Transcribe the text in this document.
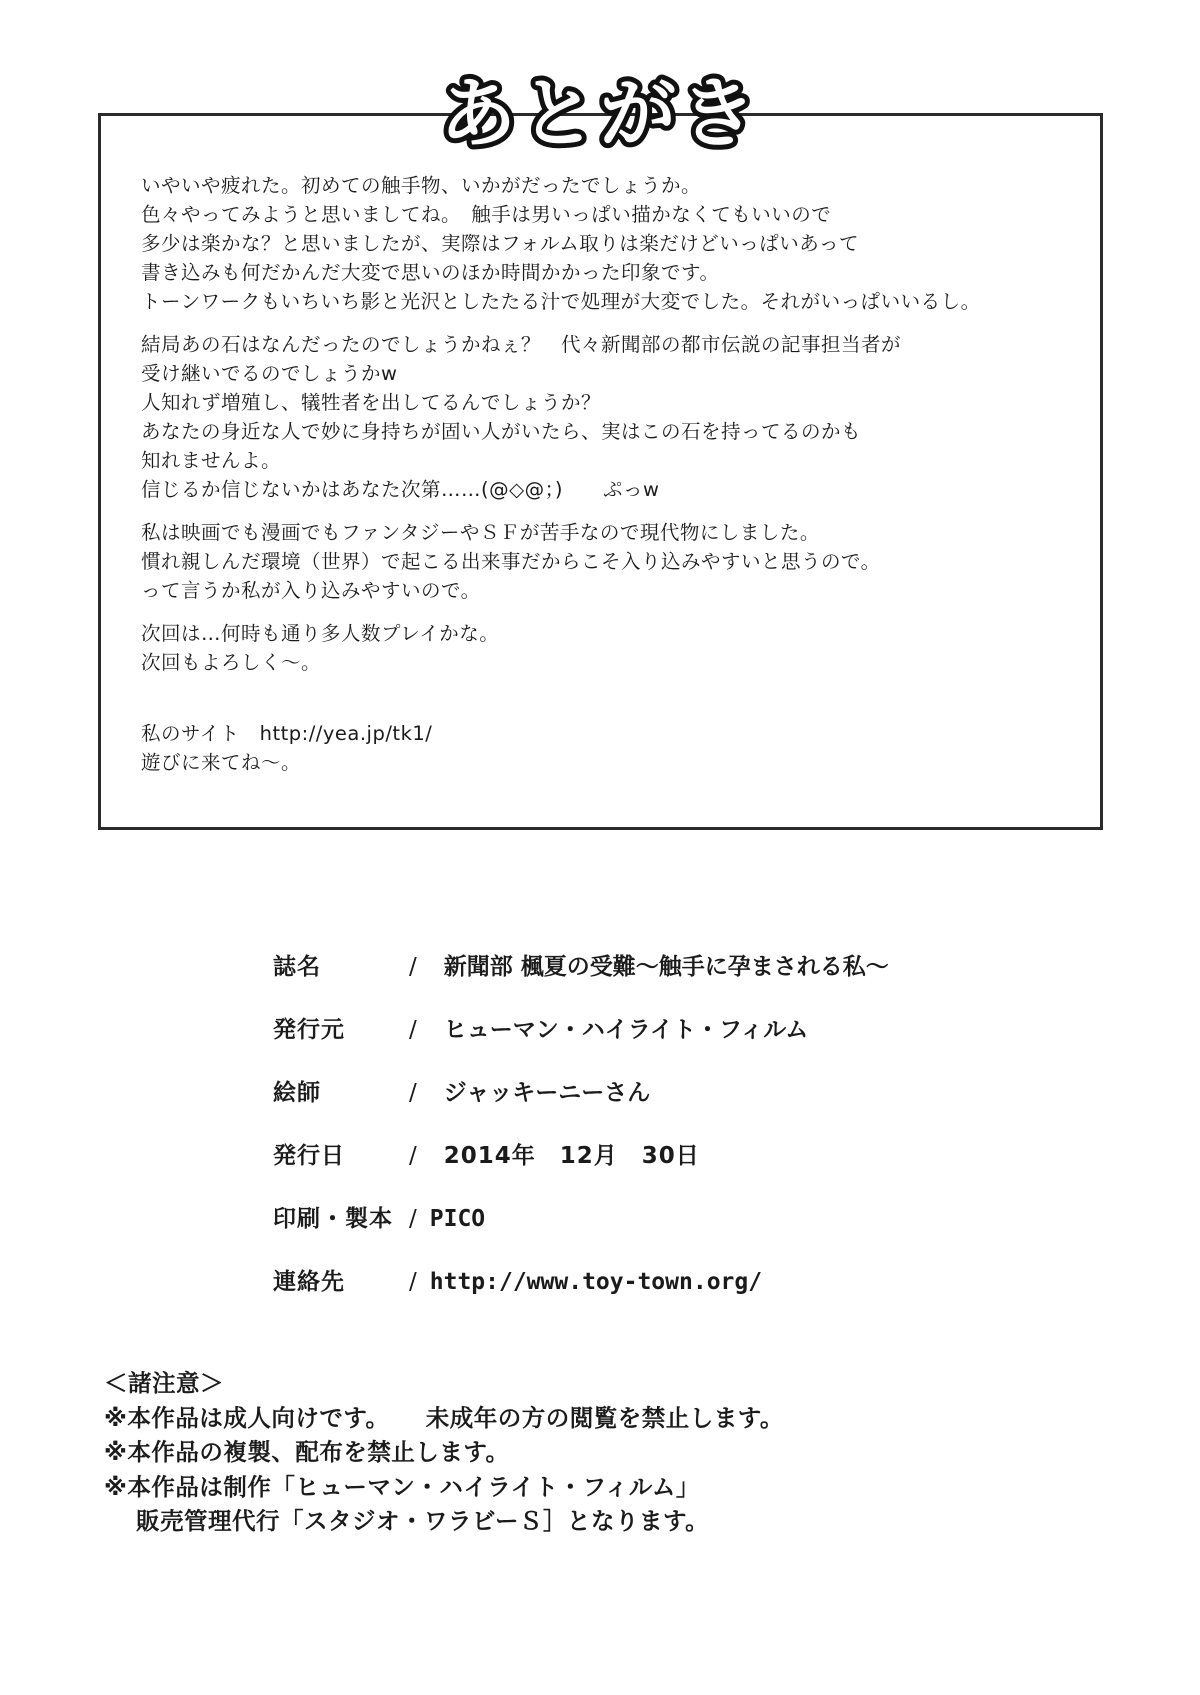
あとがき
いやいや疲れた。初めての触手物、いかがだったでしょうか。
色々やってみようと思いましてね。　触手は男いっぱい描かなくてもいいので
多少は楽かな？と思いましたが、実際はフォルム取りは楽だけどいっぱいあって
書き込みも何だかんだ大変で思いのほか時間かかった印象です。
トーンワークもいちいち影と光沢としたたる汁で処理が大変でした。それがいっぱいいるし。
結局あの石はなんだったのでしょうかねぇ？　代々新聞部の都市伝説の記事担当者が
受け継いでるのでしょうかw
人知れず増殖し、犠牲者を出してるんでしょうか？
あなたの身近な人で妙に身持ちが固い人がいたら、実はこの石を持ってるのかも
知れませんよ。
信じるか信じないかはあなた次第……(@◇@；)　　ぷっw
私は映画でも漫画でもファンタジーやＳＦが苦手なので現代物にしました。
慣れ親しんだ環境（世界）で起こる出来事だからこそ入り込みやすいと思うので。
って言うか私が入り込みやすいので。
次回は…何時も通り多人数プレイかな。
次回もよろしく〜。
私のサイト　http://yea.jp/tk1/
遊びに来てね〜。
誌名	/ 新聞部 楓夏の受難〜触手に孕まされる私〜
発行元	/ ヒューマン・ハイライト・フィルム
絵師	/ ジャッキーニーさん
発行日	/ 2014年　12月　30日
印刷・製本 / PICO
連絡先	/ http://www.toy-town.org/
＜諸注意＞
※本作品は成人向けです。　　未成年の方の閲覧を禁止します。
※本作品の複製、配布を禁止します。
※本作品は制作「ヒューマン・ハイライト・フィルム」
販売管理代行「スタジオ・ワラビーＳ］となります。
